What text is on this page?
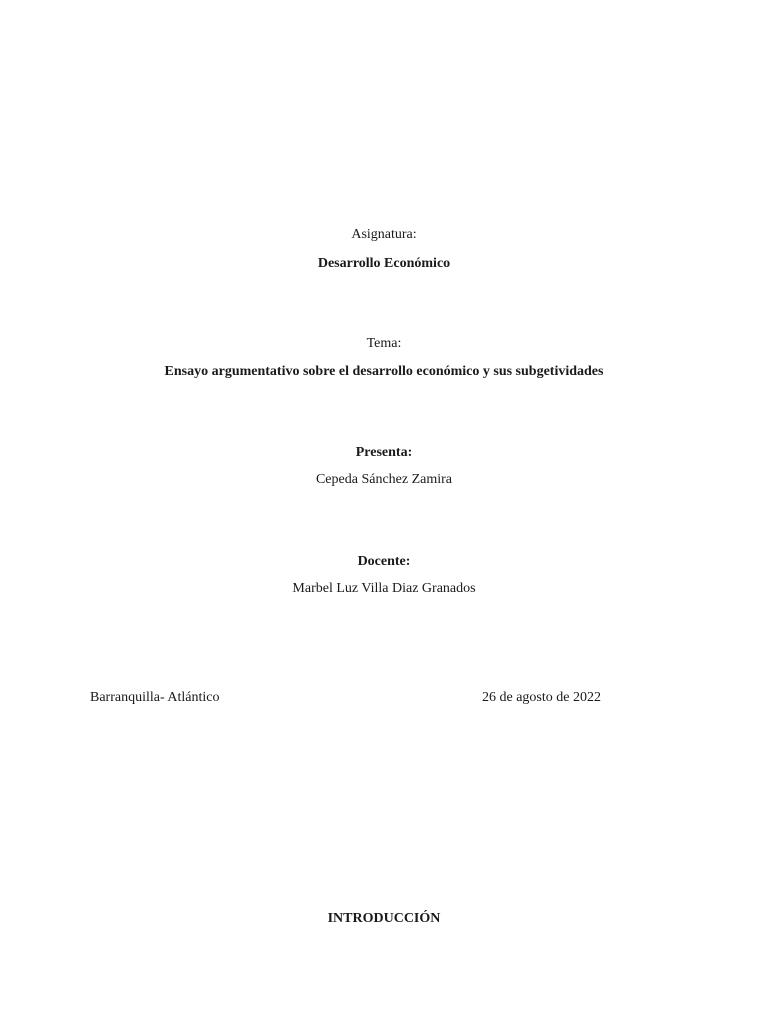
Asignatura:
Desarrollo Económico
Tema:
Ensayo argumentativo sobre el desarrollo económico y sus subgetividades
Presenta:
Cepeda Sánchez Zamira
Docente:
Marbel Luz Villa Diaz Granados
Barranquilla- Atlántico	26 de agosto de 2022
INTRODUCCIÓN
